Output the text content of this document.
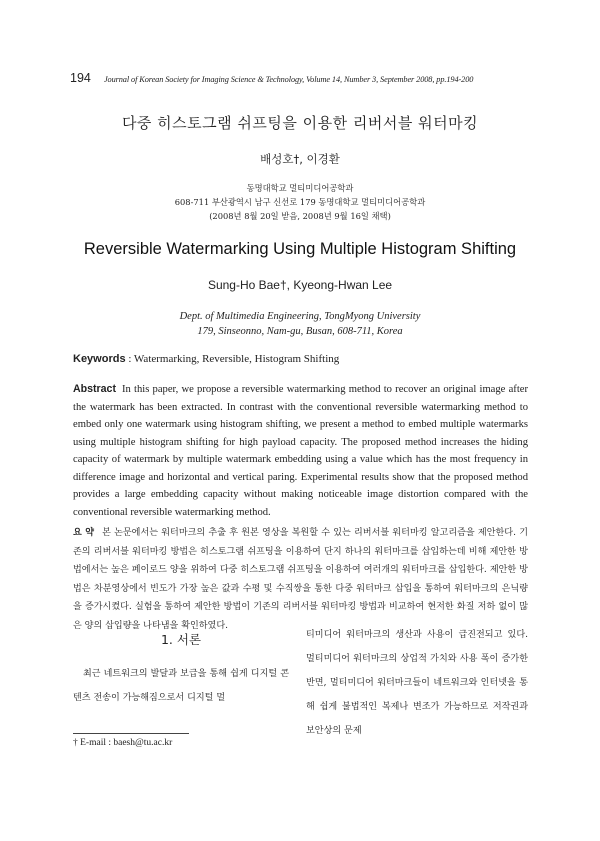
194 Journal of Korean Society for Imaging Science & Technology, Volume 14, Number 3, September 2008, pp.194-200
다중 히스토그램 쉬프팅을 이용한 리버서블 워터마킹
배성호†, 이경환
동명대학교 멀티미디어공학과
608-711 부산광역시 남구 신선로 179 동명대학교 멀티미디어공학과
(2008년 8월 20일 받음, 2008년 9월 16일 채택)
Reversible Watermarking Using Multiple Histogram Shifting
Sung-Ho Bae†, Kyeong-Hwan Lee
Dept. of Multimedia Engineering, TongMyong University
179, Sinseonno, Nam-gu, Busan, 608-711, Korea
Keywords : Watermarking, Reversible, Histogram Shifting
Abstract In this paper, we propose a reversible watermarking method to recover an original image after the watermark has been extracted. In contrast with the conventional reversible watermarking method to embed only one watermark using histogram shifting, we present a method to embed multiple watermarks using multiple histogram shifting for high payload capacity. The proposed method increases the hiding capacity of watermark by multiple watermark embedding using a value which has the most frequency in difference image and horizontal and vertical paring. Experimental results show that the proposed method provides a large embedding capacity without making noticeable image distortion compared with the conventional reversible watermarking method.
요 약 본 논문에서는 워터마크의 추출 후 원본 영상을 복원할 수 있는 리버서블 워터마킹 알고리즘을 제안한다. 기존의 리버서블 워터마킹 방법은 히스토그램 쉬프팅을 이용하여 단지 하나의 워터마크를 삽입하는데 비해 제안한 방법에서는 높은 페이로드 양을 위하여 다중 히스토그램 쉬프팅을 이용하여 여러개의 워터마크를 삽입한다. 제안한 방법은 차분영상에서 빈도가 가장 높은 값과 수평 및 수직쌍을 통한 다중 워터마크 삽입을 통하여 워터마크의 은닉량을 증가시켰다. 실험을 통하여 제안한 방법이 기존의 리버서블 워터마킹 방법과 비교하여 현저한 화질 저하 없이 많은 양의 삽입량을 나타냄을 확인하였다.
1. 서론

최근 네트워크의 발달과 보급을 통해 쉽게 디지털 콘텐츠 전송이 가능해짐으로서 디지털 멀

티미디어 워터마크의 생산과 사용이 급진전되고 있다. 멀티미디어 워터마크의 상업적 가치와 사용 폭이 증가한 반면, 멀티미디어 워터마크들이 네트워크와 인터넷을 통해 쉽게 불법적인 복제나 변조가 가능하므로 저작권과 보안상의 문제

† E-mail : baesh@tu.ac.kr
